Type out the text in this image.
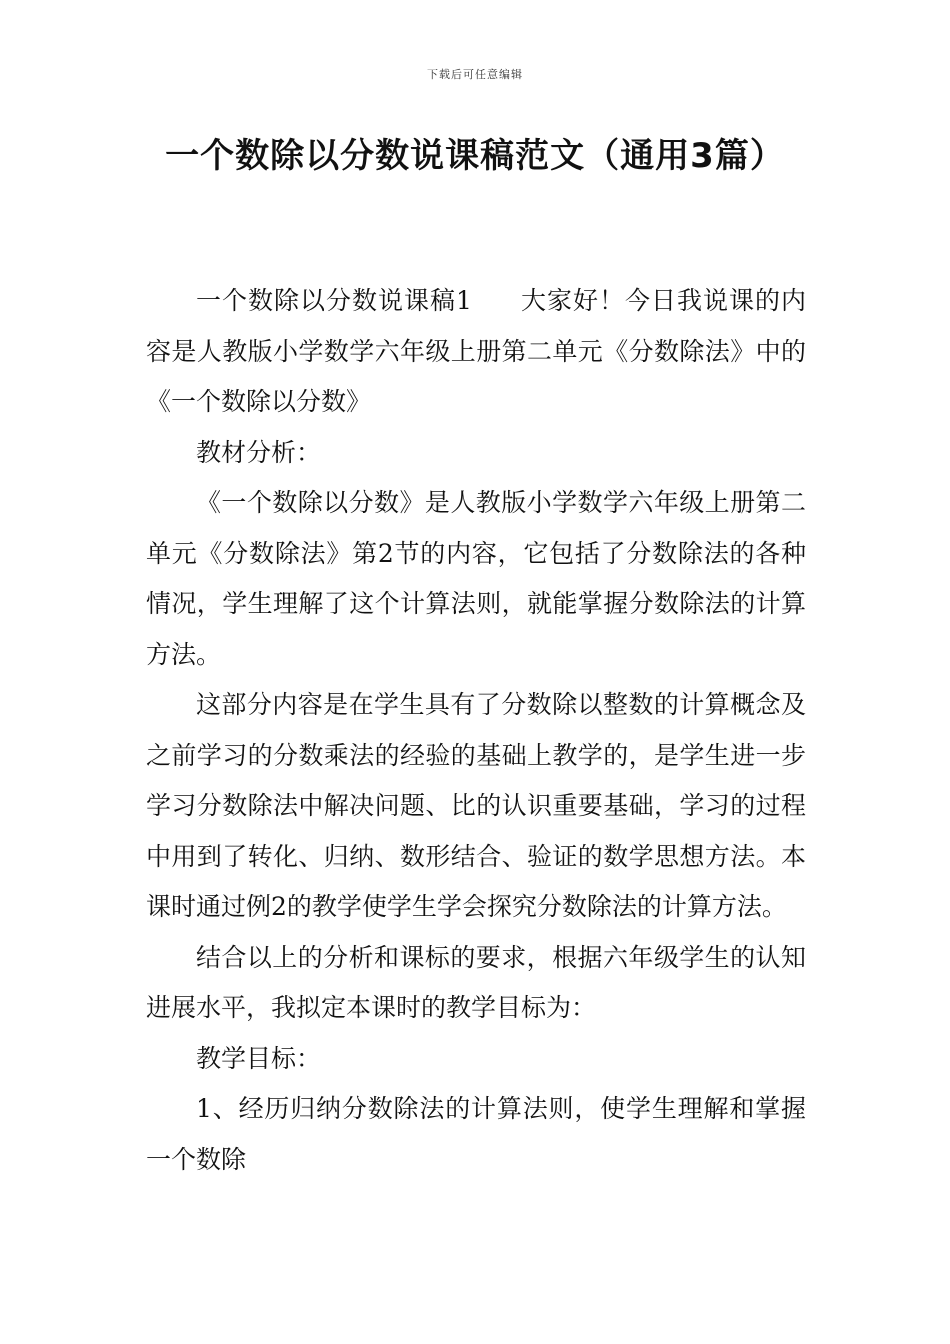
下载后可任意编辑
一个数除以分数说课稿范文（通用3篇）

一个数除以分数说课稿1 大家好！今日我说课的内容是人教版小学数学六年级上册第二单元《分数除法》中的《一个数除以分数》

教材分析：

《一个数除以分数》是人教版小学数学六年级上册第二单元《分数除法》第2节的内容，它包括了分数除法的各种情况，学生理解了这个计算法则，就能掌握分数除法的计算方法。

这部分内容是在学生具有了分数除以整数的计算概念及之前学习的分数乘法的经验的基础上教学的，是学生进一步学习分数除法中解决问题、比的认识重要基础，学习的过程中用到了转化、归纳、数形结合、验证的数学思想方法。本课时通过例2的教学使学生学会探究分数除法的计算方法。

结合以上的分析和课标的要求，根据六年级学生的认知进展水平，我拟定本课时的教学目标为：

教学目标：

1、经历归纳分数除法的计算法则，使学生理解和掌握一个数除
